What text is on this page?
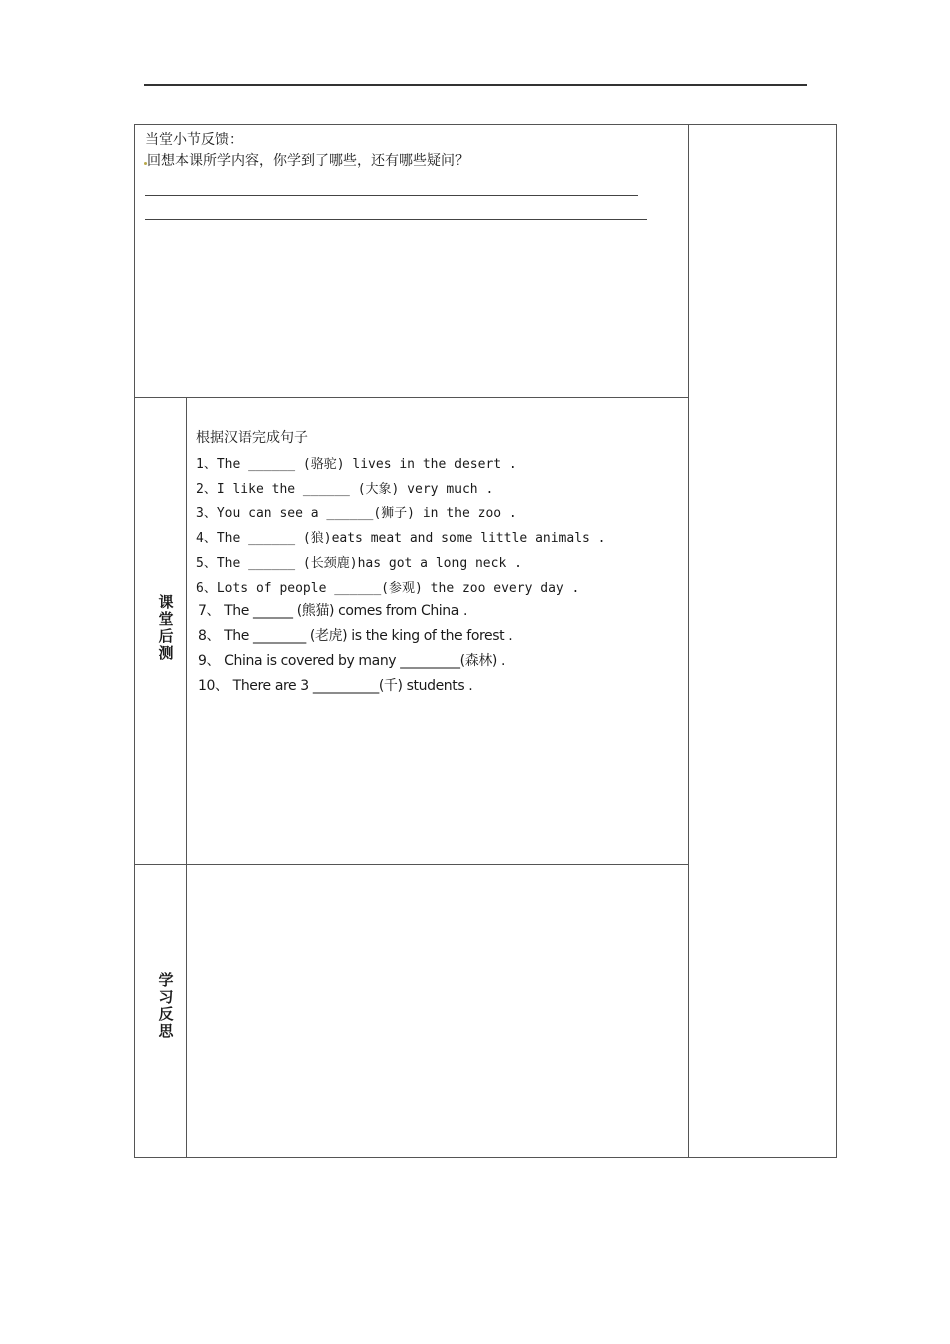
当堂小节反馈：
回想本课所学内容，你学到了哪些，还有哪些疑问？
课堂后测
根据汉语完成句子
1、The ______ (骆驼) lives in the desert .
2、I like the ______ (大象) very much .
3、You can see a ______(狮子) in the zoo .
4、The ______ (狼)eats meat and some little animals .
5、The ______ (长颈鹿)has got a long neck .
6、Lots of people ______(参观) the zoo every day .
7、 The ______ (熊猫) comes from China .
8、 The ________ (老虎) is the king of the forest .
9、 China is covered by many _________(森林) .
10、 There are 3 __________(千) students .
学习反思
